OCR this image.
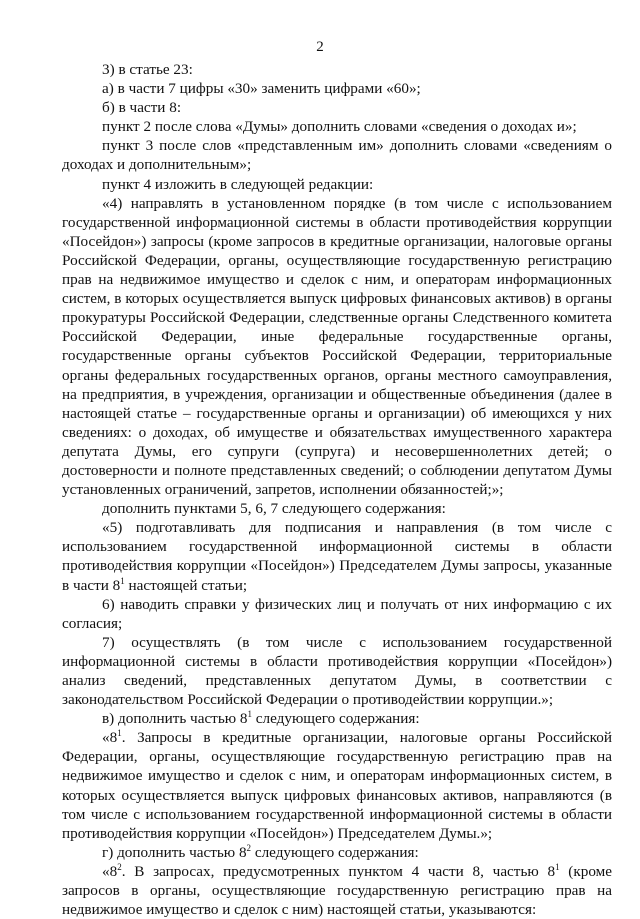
2

3) в статье 23:

а) в части 7 цифры «30» заменить цифрами «60»;

б) в части 8:

пункт 2 после слова «Думы» дополнить словами «сведения о доходах и»;

пункт 3 после слов «представленным им» дополнить словами «сведениям о доходах и дополнительным»;

пункт 4 изложить в следующей редакции:

«4) направлять в установленном порядке (в том числе с использованием государственной информационной системы в области противодействия коррупции «Посейдон») запросы (кроме запросов в кредитные организации, налоговые органы Российской Федерации, органы, осуществляющие государственную регистрацию прав на недвижимое имущество и сделок с ним, и операторам информационных систем, в которых осуществляется выпуск цифровых финансовых активов) в органы прокуратуры Российской Федерации, следственные органы Следственного комитета Российской Федерации, иные федеральные государственные органы, государственные органы субъектов Российской Федерации, территориальные органы федеральных государственных органов, органы местного самоуправления, на предприятия, в учреждения, организации и общественные объединения (далее в настоящей статье – государственные органы и организации) об имеющихся у них сведениях: о доходах, об имуществе и обязательствах имущественного характера депутата Думы, его супруги (супруга) и несовершеннолетних детей; о достоверности и полноте представленных сведений; о соблюдении депутатом Думы установленных ограничений, запретов, исполнении обязанностей;»;

дополнить пунктами 5, 6, 7 следующего содержания:

«5) подготавливать для подписания и направления (в том числе с использованием государственной информационной системы в области противодействия коррупции «Посейдон») Председателем Думы запросы, указанные в части $8^1$ настоящей статьи;

6) наводить справки у физических лиц и получать от них информацию с их согласия;

7) осуществлять (в том числе с использованием государственной информационной системы в области противодействия коррупции «Посейдон») анализ сведений, представленных депутатом Думы, в соответствии с законодательством Российской Федерации о противодействии коррупции.»;

в) дополнить частью $8^1$ следующего содержания:

«$8^1$. Запросы в кредитные организации, налоговые органы Российской Федерации, органы, осуществляющие государственную регистрацию прав на недвижимое имущество и сделок с ним, и операторам информационных систем, в которых осуществляется выпуск цифровых финансовых активов, направляются (в том числе с использованием государственной информационной системы в области противодействия коррупции «Посейдон») Председателем Думы.»;

г) дополнить частью $8^2$ следующего содержания:

«$8^2$. В запросах, предусмотренных пунктом 4 части 8, частью $8^1$ (кроме запросов в органы, осуществляющие государственную регистрацию прав на недвижимое имущество и сделок с ним) настоящей статьи, указываются:
